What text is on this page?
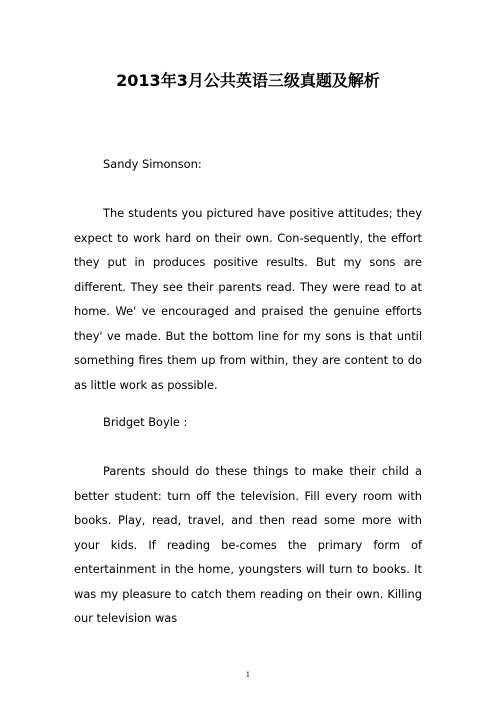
2013年3月公共英语三级真题及解析

Sandy Simonson:

The students you pictured have positive attitudes; they expect to work hard on their own. Con-sequently, the effort they put in produces positive results. But my sons are different. They see their parents read. They were read to at home. We' ve encouraged and praised the genuine efforts they' ve made. But the bottom line for my sons is that until something fires them up from within, they are content to do as little work as possible.

Bridget Boyle :

Parents should do these things to make their child a better student: turn off the television. Fill every room with books. Play, read, travel, and then read some more with your kids. If reading be-comes the primary form of entertainment in the home, youngsters will turn to books. It was my pleasure to catch them reading on their own. Killing our television was

1
